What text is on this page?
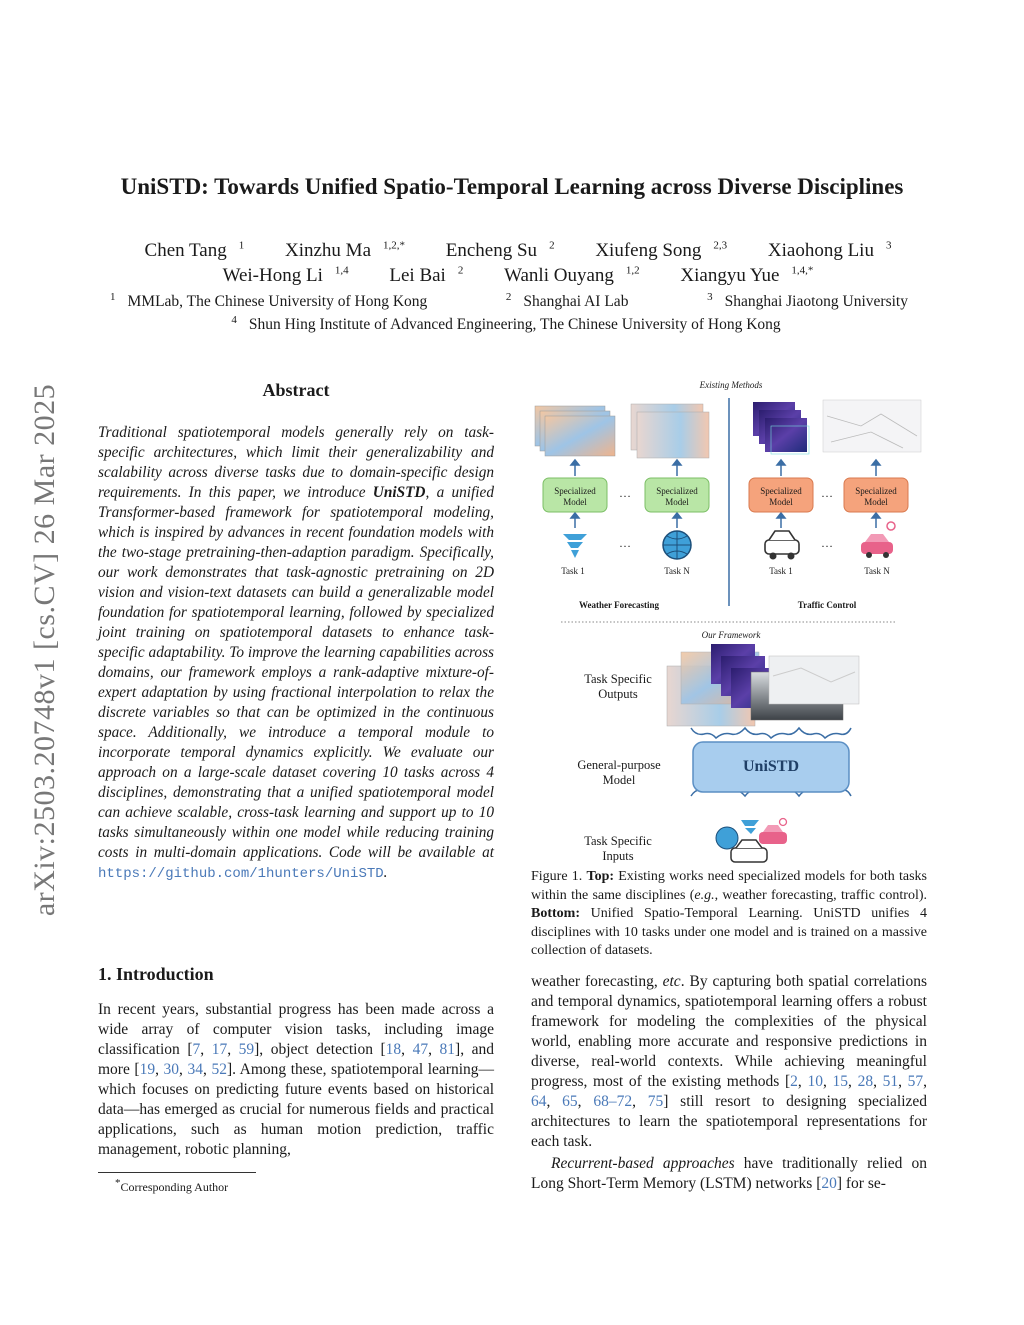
arXiv:2503.20748v1 [cs.CV] 26 Mar 2025
UniSTD: Towards Unified Spatio-Temporal Learning across Diverse Disciplines
Chen Tang $^1$ Xinzhu Ma $^{1,2,*}$ Encheng Su $^2$ Xiufeng Song $^{2,3}$ Xiaohong Liu $^3$
Wei-Hong Li $^{1,4}$ Lei Bai $^2$ Wanli Ouyang $^{1,2}$ Xiangyu Yue $^{1,4,*}$
$^1$ MMLab, The Chinese University of Hong Kong	$^2$ Shanghai AI Lab	$^3$ Shanghai Jiaotong University
$^4$ Shun Hing Institute of Advanced Engineering, The Chinese University of Hong Kong
Abstract
Traditional spatiotemporal models generally rely on task-specific architectures, which limit their generalizability and scalability across diverse tasks due to domain-specific design requirements. In this paper, we introduce UniSTD, a unified Transformer-based framework for spatiotemporal modeling, which is inspired by advances in recent foundation models with the two-stage pretraining-then-adaption paradigm. Specifically, our work demonstrates that task-agnostic pretraining on 2D vision and vision-text datasets can build a generalizable model foundation for spatiotemporal learning, followed by specialized joint training on spatiotemporal datasets to enhance task-specific adaptability. To improve the learning capabilities across domains, our framework employs a rank-adaptive mixture-of-expert adaptation by using fractional interpolation to relax the discrete variables so that can be optimized in the continuous space. Additionally, we introduce a temporal module to incorporate temporal dynamics explicitly. We evaluate our approach on a large-scale dataset covering 10 tasks across 4 disciplines, demonstrating that a unified spatiotemporal model can achieve scalable, cross-task learning and support up to 10 tasks simultaneously within one model while reducing training costs in multi-domain applications. Code will be available at https://github.com/1hunters/UniSTD.
1. Introduction
In recent years, substantial progress has been made across a wide array of computer vision tasks, including image classification [7, 17, 59], object detection [18, 47, 81], and more [19, 30, 34, 52]. Among these, spatiotemporal learning—which focuses on predicting future events based on historical data—has emerged as crucial for numerous fields and practical applications, such as human motion prediction, traffic management, robotic planning,
*Corresponding Author
Existing Methods
Specialized Model
Specialized Model
Specialized Model
Specialized Model
…	…
…	…
Task 1	Task N	Task 1	Task N
Weather Forecasting	Traffic Control
Our Framework
Task Specific Outputs
General-purpose Model
Task Specific Inputs
UniSTD
Figure 1. Top: Existing works need specialized models for both tasks within the same disciplines (e.g., weather forecasting, traffic control). Bottom: Unified Spatio-Temporal Learning. UniSTD unifies 4 disciplines with 10 tasks under one model and is trained on a massive collection of datasets.
weather forecasting, etc. By capturing both spatial correlations and temporal dynamics, spatiotemporal learning offers a robust framework for modeling the complexities of the physical world, enabling more accurate and responsive predictions in diverse, real-world contexts. While achieving meaningful progress, most of the existing methods [2, 10, 15, 28, 51, 57, 64, 65, 68–72, 75] still resort to designing specialized architectures to learn the spatiotemporal representations for each task.
Recurrent-based approaches have traditionally relied on Long Short-Term Memory (LSTM) networks [20] for se-
